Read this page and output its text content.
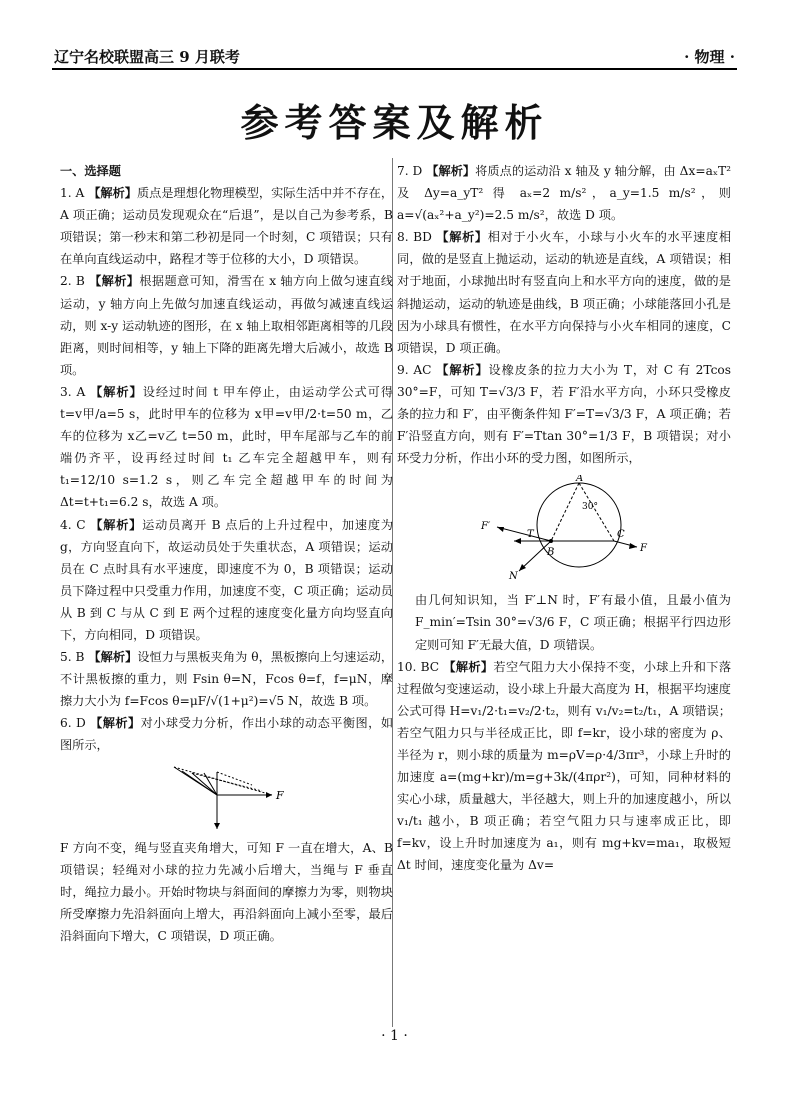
辽宁名校联盟高三 9 月联考	· 物理 ·
参考答案及解析

一、选择题

1. A 【解析】质点是理想化物理模型，实际生活中并不存在，A 项正确；运动员发现观众在“后退”，是以自己为参考系，B 项错误；第一秒末和第二秒初是同一个时刻，C 项错误；只有在单向直线运动中，路程才等于位移的大小，D 项错误。

2. B 【解析】根据题意可知，滑雪在 x 轴方向上做匀速直线运动，y 轴方向上先做匀加速直线运动，再做匀减速直线运动，则 x-y 运动轨迹的图形，在 x 轴上取相邻距离相等的几段距离，则时间相等，y 轴上下降的距离先增大后减小，故选 B 项。

3. A 【解析】设经过时间 t 甲车停止，由运动学公式可得 t=v甲/a=5 s，此时甲车的位移为 x甲=v甲/2·t=50 m，乙车的位移为 x乙=v乙 t=50 m，此时，甲车尾部与乙车的前端仍齐平，设再经过时间 t₁ 乙车完全超越甲车，则有 t₁=12/10 s=1.2 s，则乙车完全超越甲车的时间为 Δt=t+t₁=6.2 s，故选 A 项。

4. C 【解析】运动员离开 B 点后的上升过程中，加速度为 g，方向竖直向下，故运动员处于失重状态，A 项错误；运动员在 C 点时具有水平速度，即速度不为 0，B 项错误；运动员下降过程中只受重力作用，加速度不变，C 项正确；运动员从 B 到 C 与从 C 到 E 两个过程的速度变化量方向均竖直向下，方向相同，D 项错误。

5. B 【解析】设恒力与黑板夹角为 θ，黑板擦向上匀速运动，不计黑板擦的重力，则 Fsin θ=N，Fcos θ=f，f=μN，摩擦力大小为 f=Fcos θ=μF/√(1+μ²)=√5 N，故选 B 项。

6. D 【解析】对小球受力分析，作出小球的动态平衡图，如图所示，

F

F 方向不变，绳与竖直夹角增大，可知 F 一直在增大，A、B 项错误；轻绳对小球的拉力先减小后增大，当绳与 F 垂直时，绳拉力最小。开始时物块与斜面间的摩擦力为零，则物块所受摩擦力先沿斜面向上增大，再沿斜面向上减小至零，最后沿斜面向下增大，C 项错误，D 项正确。

7. D 【解析】将质点的运动沿 x 轴及 y 轴分解，由 Δx=aₓT² 及 Δy=a_yT² 得 aₓ=2 m/s²，a_y=1.5 m/s²，则 a=√(aₓ²+a_y²)=2.5 m/s²，故选 D 项。

8. BD 【解析】相对于小火车，小球与小火车的水平速度相同，做的是竖直上抛运动，运动的轨迹是直线，A 项错误；相对于地面，小球抛出时有竖直向上和水平方向的速度，做的是斜抛运动，运动的轨迹是曲线，B 项正确；小球能落回小孔是因为小球具有惯性，在水平方向保持与小火车相同的速度，C 项错误，D 项正确。

9. AC 【解析】设橡皮条的拉力大小为 T，对 C 有 2Tcos 30°=F，可知 T=√3/3 F，若 F′沿水平方向，小环只受橡皮条的拉力和 F′，由平衡条件知 F′=T=√3/3 F，A 项正确；若 F′沿竖直方向，则有 F′=Ttan 30°=1/3 F，B 项错误；对小环受力分析，作出小环的受力图，如图所示，

A
B
C
T
N
F
F′
30°

由几何知识知，当 F′⊥N 时，F′有最小值，且最小值为 F_min′=Tsin 30°=√3/6 F，C 项正确；根据平行四边形定则可知 F′无最大值，D 项错误。

10. BC 【解析】若空气阻力大小保持不变，小球上升和下落过程做匀变速运动，设小球上升最大高度为 H，根据平均速度公式可得 H=v₁/2·t₁=v₂/2·t₂，则有 v₁/v₂=t₂/t₁，A 项错误；若空气阻力只与半径成正比，即 f=kr，设小球的密度为 ρ、半径为 r，则小球的质量为 m=ρV=ρ·4/3πr³，小球上升时的加速度 a=(mg+kr)/m=g+3k/(4πρr²)，可知，同种材料的实心小球，质量越大，半径越大，则上升的加速度越小，所以 v₁/t₁ 越小，B 项正确；若空气阻力只与速率成正比，即 f=kv，设上升时加速度为 a₁，则有 mg+kv=ma₁，取极短 Δt 时间，速度变化量为 Δv=

· 1 ·
